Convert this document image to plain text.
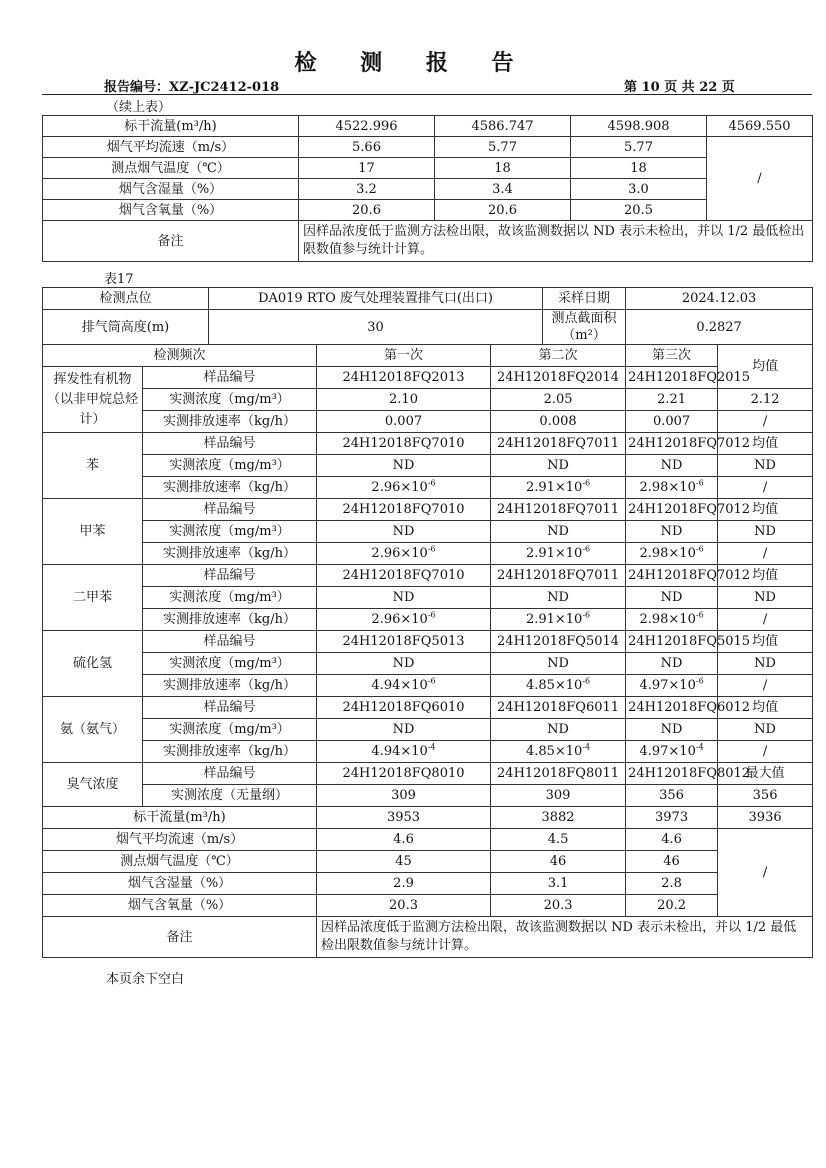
检 测 报 告
报告编号：XZ-JC2412-018	第 10 页 共 22 页
（续上表）
标干流量(m³/h)	4522.996	4586.747	4598.908	4569.550
烟气平均流速（m/s）	5.66	5.77	5.77	/
测点烟气温度（℃）	17	18	18	
烟气含湿量（%）	3.2	3.4	3.0	
烟气含氧量（%）	20.6	20.6	20.5	
备注	因样品浓度低于监测方法检出限，故该监测数据以 ND 表示未检出，并以 1/2 最低检出限数值参与统计计算。			
表17
检测点位		DA019 RTO 废气处理装置排气口(出口)			采样日期	2024.12.03	
排气筒高度(m)		30			测点截面积（m²）	0.2827	
检测频次			第一次	第二次		第三次	均值
挥发性有机物（以非甲烷总烃计）	样品编号		24H12018FQ2013	24H12018FQ2014		24H12018FQ2015	
	实测浓度（mg/m³）		2.10	2.05		2.21	2.12
	实测排放速率（kg/h）		0.007	0.008		0.007	/
苯	样品编号		24H12018FQ7010	24H12018FQ7011		24H12018FQ7012	均值
	实测浓度（mg/m³）		ND	ND		ND	ND
	实测排放速率（kg/h）		$2.96\times 10^{-6}$	$2.91\times 10^{-6}$		$2.98\times 10^{-6}$	/
甲苯	样品编号		24H12018FQ7010	24H12018FQ7011		24H12018FQ7012	均值
	实测浓度（mg/m³）		ND	ND		ND	ND
	实测排放速率（kg/h）		$2.96\times 10^{-6}$	$2.91\times 10^{-6}$		$2.98\times 10^{-6}$	/
二甲苯	样品编号		24H12018FQ7010	24H12018FQ7011		24H12018FQ7012	均值
	实测浓度（mg/m³）		ND	ND		ND	ND
	实测排放速率（kg/h）		$2.96\times 10^{-6}$	$2.91\times 10^{-6}$		$2.98\times 10^{-6}$	/
硫化氢	样品编号		24H12018FQ5013	24H12018FQ5014		24H12018FQ5015	均值
	实测浓度（mg/m³）		ND	ND		ND	ND
	实测排放速率（kg/h）		$4.94\times 10^{-6}$	$4.85\times 10^{-6}$		$4.97\times 10^{-6}$	/
氨（氨气）	样品编号		24H12018FQ6010	24H12018FQ6011		24H12018FQ6012	均值
	实测浓度（mg/m³）		ND	ND		ND	ND
	实测排放速率（kg/h）		$4.94\times 10^{-4}$	$4.85\times 10^{-4}$		$4.97\times 10^{-4}$	/
臭气浓度	样品编号		24H12018FQ8010	24H12018FQ8011		24H12018FQ8012	最大值
	实测浓度（无量纲）		309	309		356	356
标干流量(m³/h)			3953	3882		3973	3936
烟气平均流速（m/s）			4.6	4.5		4.6	/
测点烟气温度（℃）			45	46		46	
烟气含湿量（%）			2.9	3.1		2.8	
烟气含氧量（%）			20.3	20.3		20.2	
备注			因样品浓度低于监测方法检出限，故该监测数据以 ND 表示未检出，并以 1/2 最低检出限数值参与统计计算。				
本页余下空白
